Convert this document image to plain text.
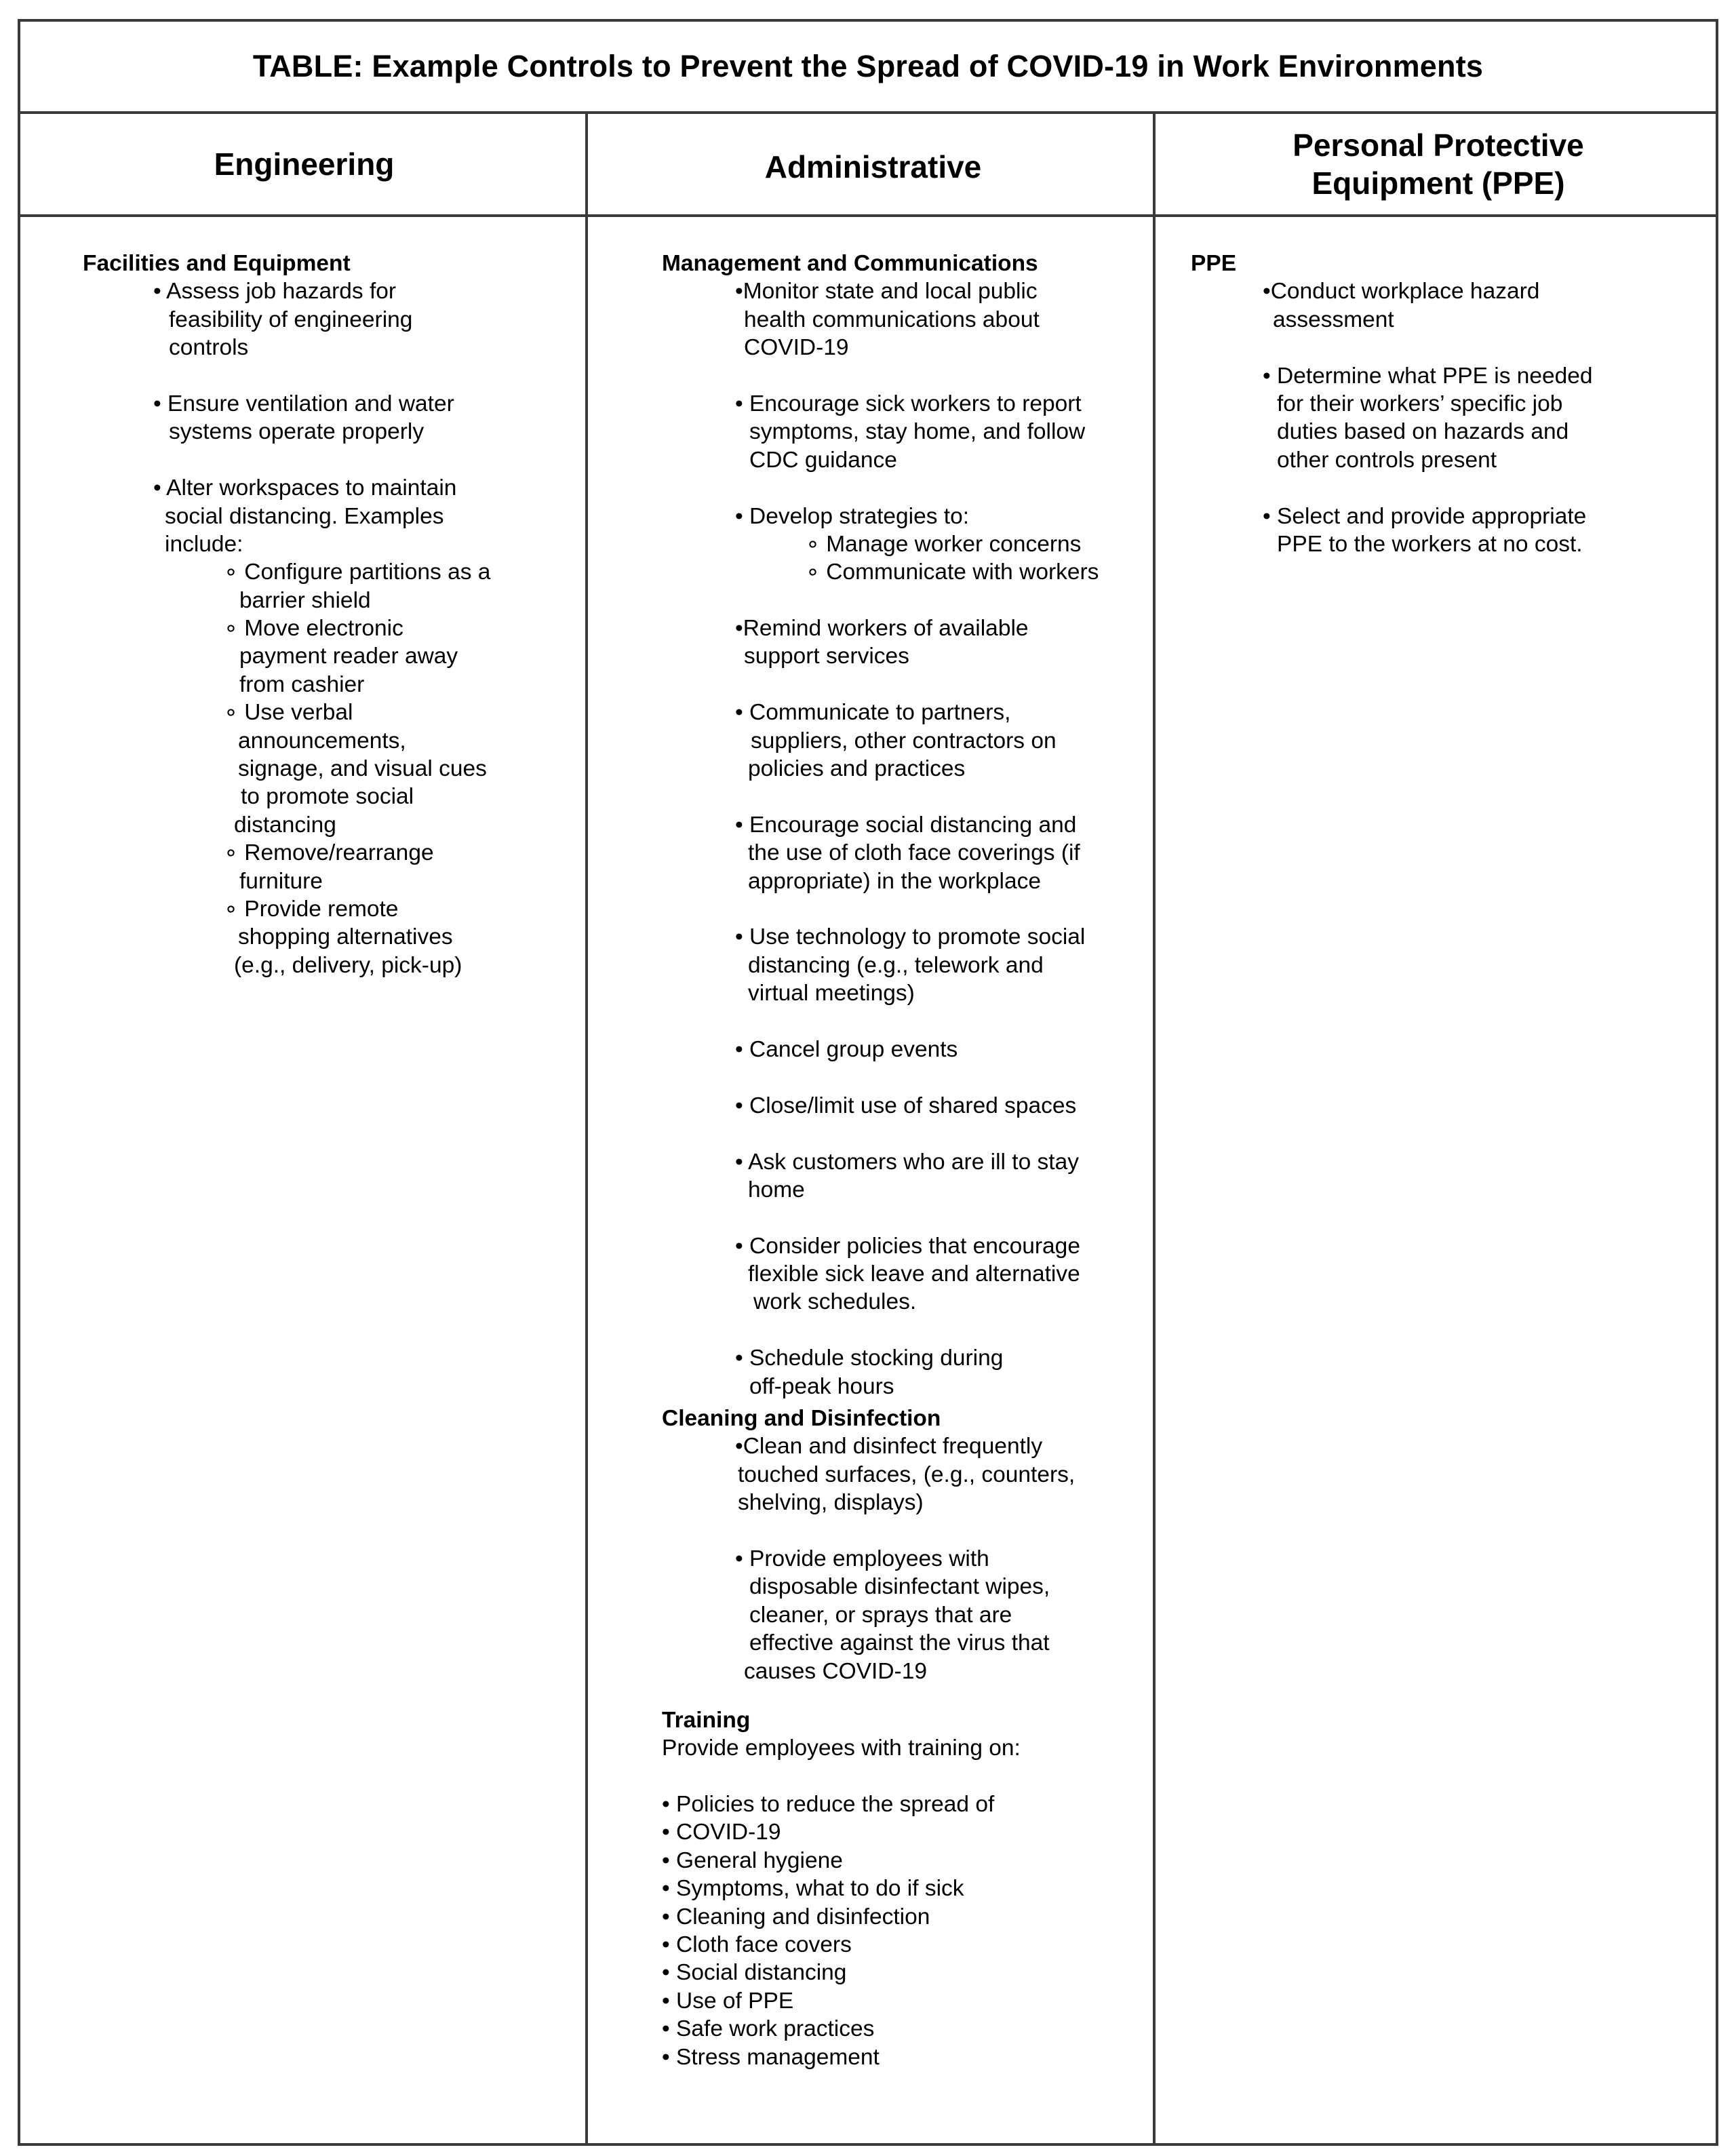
TABLE: Example Controls to Prevent the Spread of COVID-19 in Work Environments
Engineering	Administrative
Personal Protective
Equipment (PPE)
Facilities and Equipment
• Assess job hazards for
feasibility of engineering
controls
• Ensure ventilation and water
systems operate properly
• Alter workspaces to maintain
social distancing. Examples
include:
∘ Configure partitions as a
barrier shield
∘ Move electronic
payment reader away
from cashier
∘ Use verbal
announcements,
signage, and visual cues
to promote social
distancing
∘ Remove/rearrange
furniture
∘ Provide remote
shopping alternatives
(e.g., delivery, pick-up)
Management and Communications
•Monitor state and local public
health communications about
COVID-19
• Encourage sick workers to report
symptoms, stay home, and follow
CDC guidance
• Develop strategies to:
∘ Manage worker concerns
∘ Communicate with workers
•Remind workers of available
support services
• Communicate to partners,
suppliers, other contractors on
policies and practices
• Encourage social distancing and
the use of cloth face coverings (if
appropriate) in the workplace
• Use technology to promote social
distancing (e.g., telework and
virtual meetings)
• Cancel group events
• Close/limit use of shared spaces
• Ask customers who are ill to stay
home
• Consider policies that encourage
flexible sick leave and alternative
work schedules.
• Schedule stocking during
off-peak hours
Cleaning and Disinfection
•Clean and disinfect frequently
touched surfaces, (e.g., counters,
shelving, displays)
• Provide employees with
disposable disinfectant wipes,
cleaner, or sprays that are
effective against the virus that
causes COVID-19
Training
Provide employees with training on:
• Policies to reduce the spread of
• COVID-19
• General hygiene
• Symptoms, what to do if sick
• Cleaning and disinfection
• Cloth face covers
• Social distancing
• Use of PPE
• Safe work practices
• Stress management
PPE
•Conduct workplace hazard
assessment
• Determine what PPE is needed
for their workers’ specific job
duties based on hazards and
other controls present
• Select and provide appropriate
PPE to the workers at no cost.
